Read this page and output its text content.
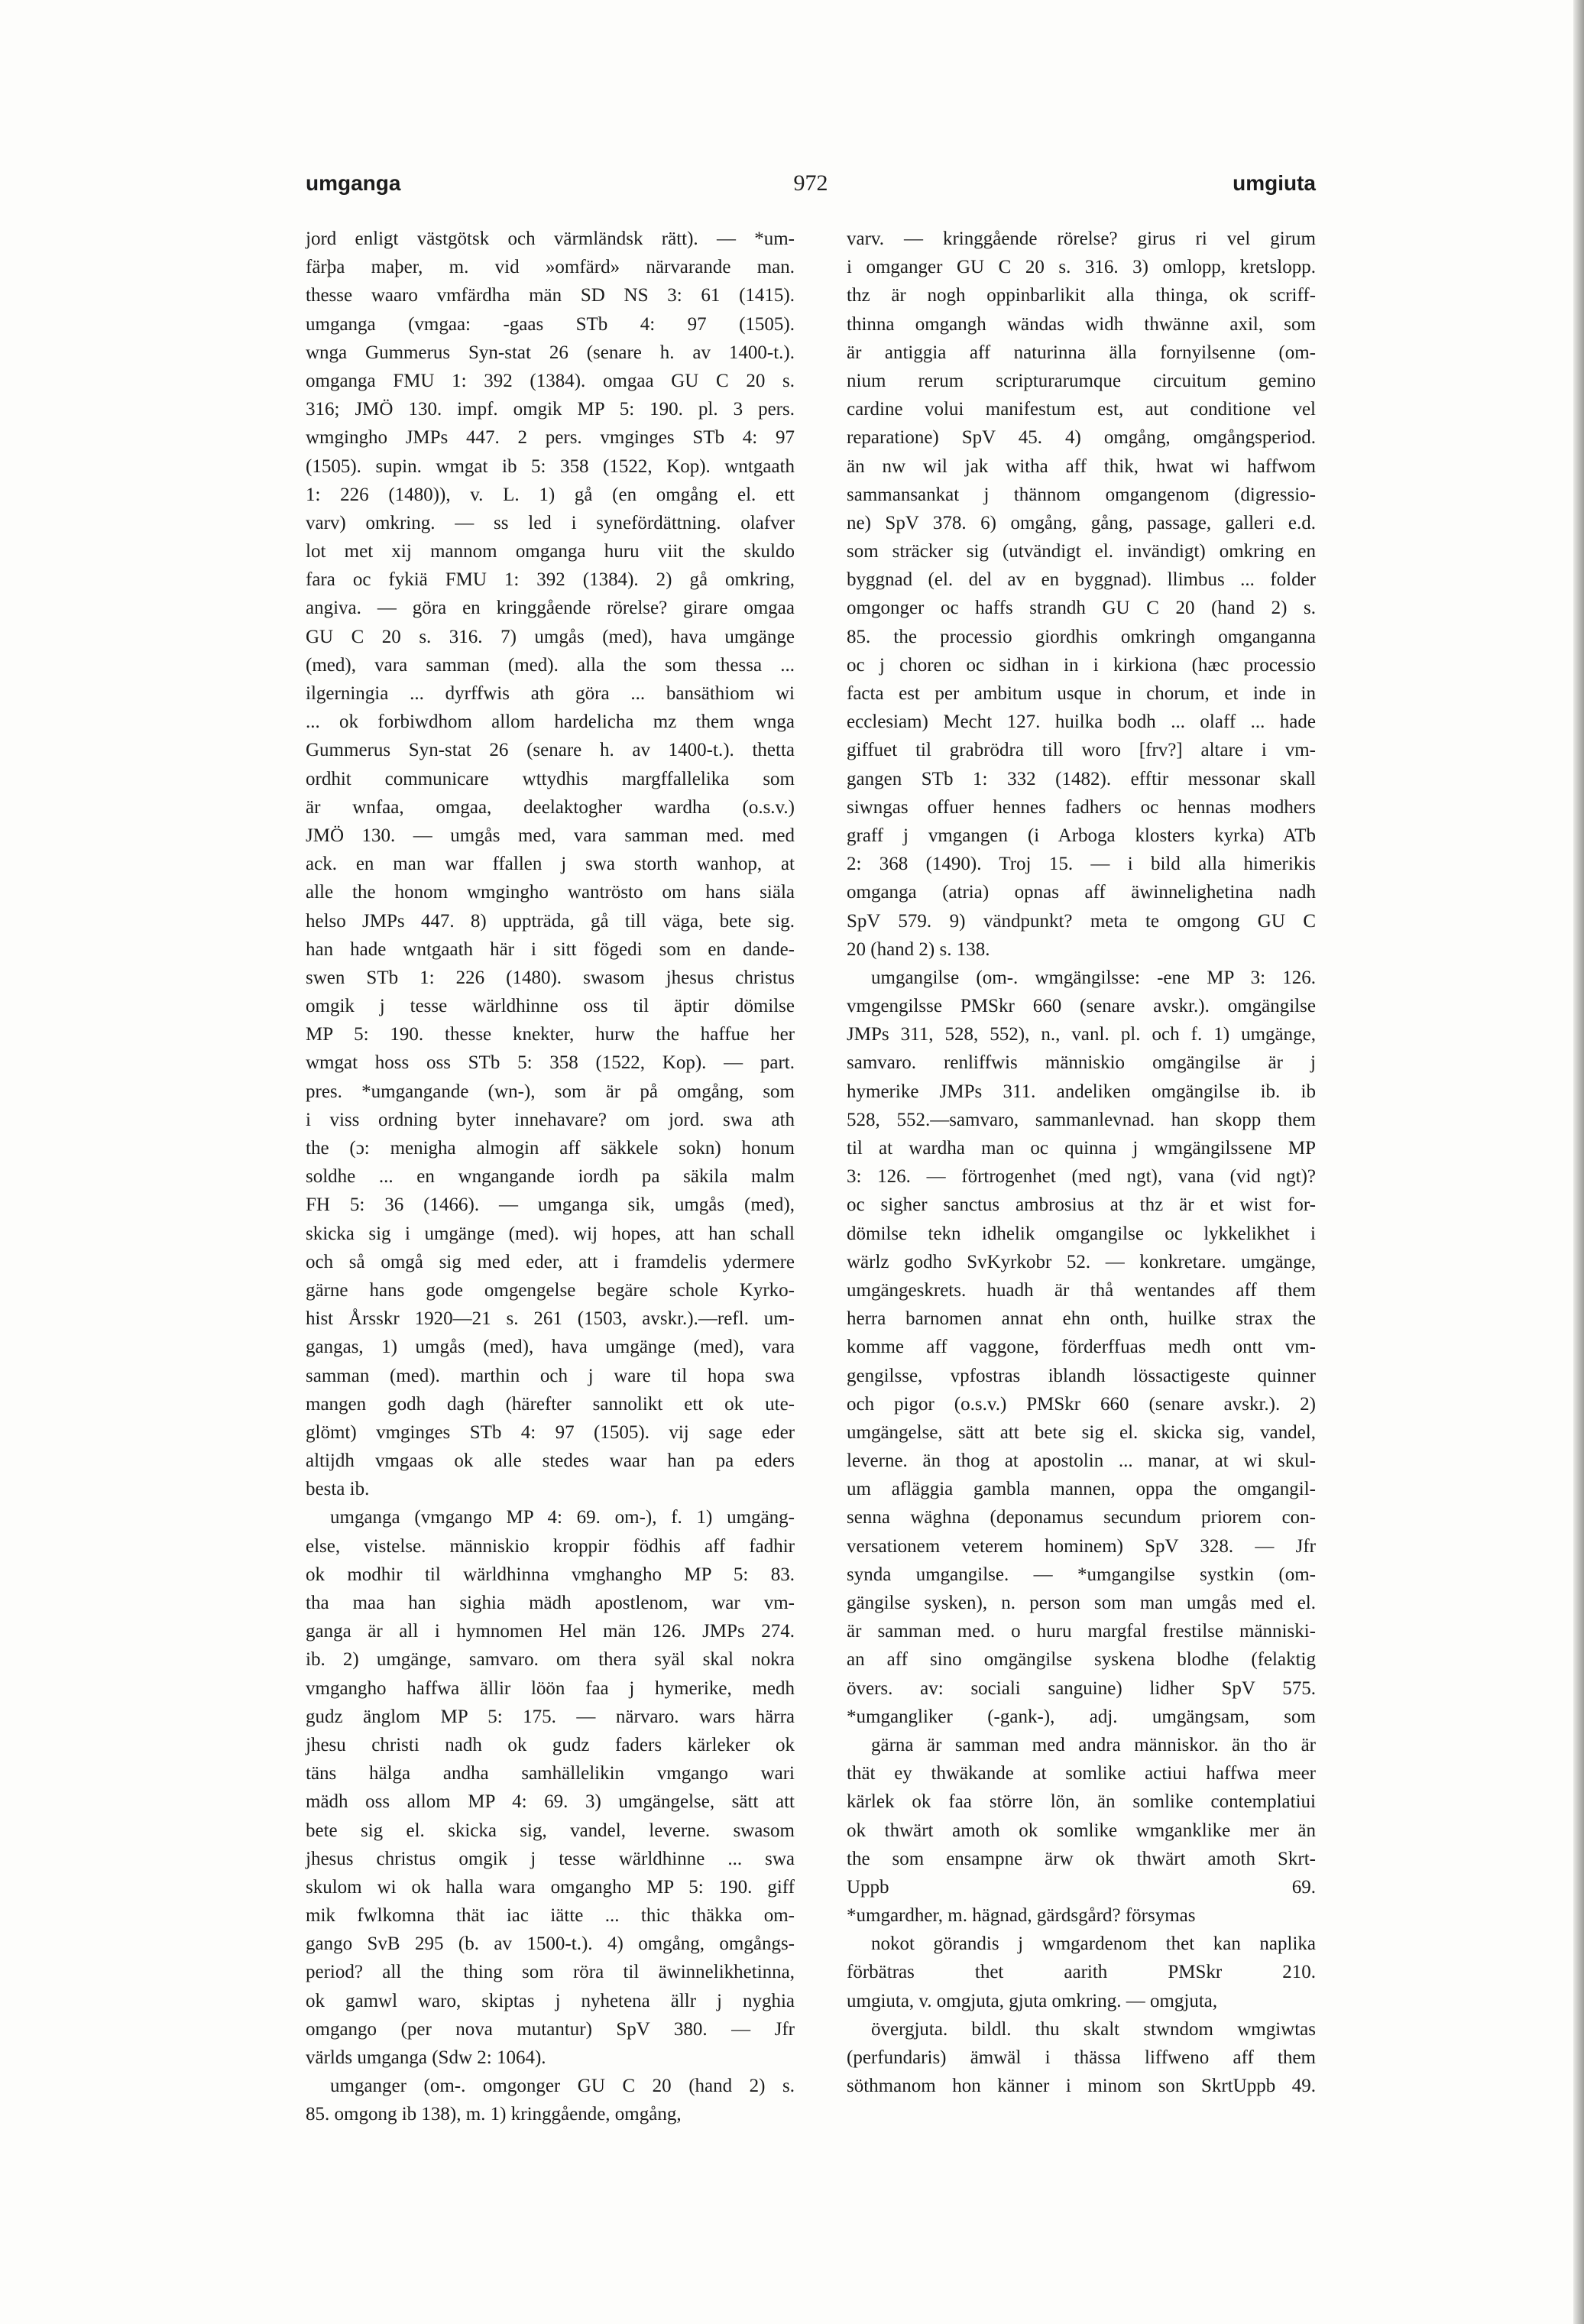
umganga	972	umgiuta
jord enligt västgötsk och värmländsk rätt). — *um-
färþa maþer, m. vid »omfärd» närvarande man.
thesse waaro vmfärdha män SD NS 3: 61 (1415).
umganga (vmgaa: -gaas STb 4: 97 (1505).
wnga Gummerus Syn-stat 26 (senare h. av 1400-t.).
omganga FMU 1: 392 (1384). omgaa GU C 20 s.
316; JMÖ 130. impf. omgik MP 5: 190. pl. 3 pers.
wmgingho JMPs 447. 2 pers. vmginges STb 4: 97
(1505). supin. wmgat ib 5: 358 (1522, Kop). wntgaath
1: 226 (1480)), v. L. 1) gå (en omgång el. ett
varv) omkring. — ss led i synefördättning. olafver
lot met xij mannom omganga huru viit the skuldo
fara oc fykiä FMU 1: 392 (1384). 2) gå omkring,
angiva. — göra en kringgående rörelse? girare omgaa
GU C 20 s. 316. 7) umgås (med), hava umgänge
(med), vara samman (med). alla the som thessa ...
ilgerningia ... dyrffwis ath göra ... bansäthiom wi
... ok forbiwdhom allom hardelicha mz them wnga
Gummerus Syn-stat 26 (senare h. av 1400-t.). thetta
ordhit communicare wttydhis margffallelika som
är wnfaa, omgaa, deelaktogher wardha (o.s.v.)
JMÖ 130. — umgås med, vara samman med. med
ack. en man war ffallen j swa storth wanhop, at
alle the honom wmgingho wantrösto om hans siäla
helso JMPs 447. 8) uppträda, gå till väga, bete sig.
han hade wntgaath här i sitt fögedi som en dande-
swen STb 1: 226 (1480). swasom jhesus christus
omgik j tesse wärldhinne oss til äptir dömilse
MP 5: 190. thesse knekter, hurw the haffue her
wmgat hoss oss STb 5: 358 (1522, Kop). — part.
pres. *umgangande (wn-), som är på omgång, som
i viss ordning byter innehavare? om jord. swa ath
the (ɔ: menigha almogin aff säkkele sokn) honum
soldhe ... en wngangande iordh pa säkila malm
FH 5: 36 (1466). — umganga sik, umgås (med),
skicka sig i umgänge (med). wij hopes, att han schall
och så omgå sig med eder, att i framdelis ydermere
gärne hans gode omgengelse begäre schole Kyrko-
hist Årsskr 1920—21 s. 261 (1503, avskr.).—refl. um-
gangas, 1) umgås (med), hava umgänge (med), vara
samman (med). marthin och j ware til hopa swa
mangen godh dagh (härefter sannolikt ett ok ute-
glömt) vmginges STb 4: 97 (1505). vij sage eder
altijdh vmgaas ok alle stedes waar han pa eders
besta ib.
umganga (vmgango MP 4: 69. om-), f. 1) umgäng-
else, vistelse. människio kroppir födhis aff fadhir
ok modhir til wärldhinna vmghangho MP 5: 83.
tha maa han sighia mädh apostlenom, war vm-
ganga är all i hymnomen Hel män 126. JMPs 274.
ib. 2) umgänge, samvaro. om thera syäl skal nokra
vmgangho haffwa ällir löön faa j hymerike, medh
gudz änglom MP 5: 175. — närvaro. wars härra
jhesu christi nadh ok gudz faders kärleker ok
täns hälga andha samhällelikin vmgango wari
mädh oss allom MP 4: 69. 3) umgängelse, sätt att
bete sig el. skicka sig, vandel, leverne. swasom
jhesus christus omgik j tesse wärldhinne ... swa
skulom wi ok halla wara omgangho MP 5: 190. giff
mik fwlkomna thät iac iätte ... thic thäkka om-
gango SvB 295 (b. av 1500-t.). 4) omgång, omgångs-
period? all the thing som röra til äwinnelikhetinna,
ok gamwl waro, skiptas j nyhetena ällr j nyghia
omgango (per nova mutantur) SpV 380. — Jfr
världs umganga (Sdw 2: 1064).
umganger (om-. omgonger GU C 20 (hand 2) s.
85. omgong ib 138), m. 1) kringgående, omgång,
varv. — kringgående rörelse? girus ri vel girum
i omganger GU C 20 s. 316. 3) omlopp, kretslopp.
thz är nogh oppinbarlikit alla thinga, ok scriff-
thinna omgangh wändas widh thwänne axil, som
är antiggia aff naturinna älla fornyilsenne (om-
nium rerum scripturarumque circuitum gemino
cardine volui manifestum est, aut conditione vel
reparatione) SpV 45. 4) omgång, omgångsperiod.
än nw wil jak witha aff thik, hwat wi haffwom
sammansankat j thännom omgangenom (digressio-
ne) SpV 378. 6) omgång, gång, passage, galleri e.d.
som sträcker sig (utvändigt el. invändigt) omkring en
byggnad (el. del av en byggnad). llimbus ... folder
omgonger oc haffs strandh GU C 20 (hand 2) s.
85. the processio giordhis omkringh omganganna
oc j choren oc sidhan in i kirkiona (hæc processio
facta est per ambitum usque in chorum, et inde in
ecclesiam) Mecht 127. huilka bodh ... olaff ... hade
giffuet til grabrödra till woro [frv?] altare i vm-
gangen STb 1: 332 (1482). efftir messonar skall
siwngas offuer hennes fadhers oc hennas modhers
graff j vmgangen (i Arboga klosters kyrka) ATb
2: 368 (1490). Troj 15. — i bild alla himerikis
omganga (atria) opnas aff äwinnelighetina nadh
SpV 579. 9) vändpunkt? meta te omgong GU C
20 (hand 2) s. 138.
umgangilse (om-. wmgängilsse: -ene MP 3: 126.
vmgengilsse PMSkr 660 (senare avskr.). omgängilse
JMPs 311, 528, 552), n., vanl. pl. och f. 1) umgänge,
samvaro. renliffwis människio omgängilse är j
hymerike JMPs 311. andeliken omgängilse ib. ib
528, 552.—samvaro, sammanlevnad. han skopp them
til at wardha man oc quinna j wmgängilssene MP
3: 126. — förtrogenhet (med ngt), vana (vid ngt)?
oc sigher sanctus ambrosius at thz är et wist for-
dömilse tekn idhelik omgangilse oc lykkelikhet i
wärlz godho SvKyrkobr 52. — konkretare. umgänge,
umgängeskrets. huadh är thå wentandes aff them
herra barnomen annat ehn onth, huilke strax the
komme aff vaggone, förderffuas medh ontt vm-
gengilsse, vpfostras iblandh lössactigeste quinner
och pigor (o.s.v.) PMSkr 660 (senare avskr.). 2)
umgängelse, sätt att bete sig el. skicka sig, vandel,
leverne. än thog at apostolin ... manar, at wi skul-
um afläggia gambla mannen, oppa the omgangil-
senna wäghna (deponamus secundum priorem con-
versationem veterem hominem) SpV 328. — Jfr
synda umgangilse. — *umgangilse systkin (om-
gängilse sysken), n. person som man umgås med el.
är samman med. o huru margfal frestilse människi-
an aff sino omgängilse syskena blodhe (felaktig
övers. av: sociali sanguine) lidher SpV 575.
*umgangliker (-gank-), adj. umgängsam, som
gärna är samman med andra människor. än tho är
thät ey thwäkande at somlike actiui haffwa meer
kärlek ok faa större lön, än somlike contemplatiui
ok thwärt amoth ok somlike wmganklike mer än
the som ensampne ärw ok thwärt amoth Skrt-
Uppb 69.
*umgardher, m. hägnad, gärdsgård? försymas
nokot görandis j wmgardenom thet kan naplika
förbätras thet aarith PMSkr 210.
umgiuta, v. omgjuta, gjuta omkring. — omgjuta,
övergjuta. bildl. thu skalt stwndom wmgiwtas
(perfundaris) ämwäl i thässa liffweno aff them
söthmanom hon känner i minom son SkrtUppb 49.
